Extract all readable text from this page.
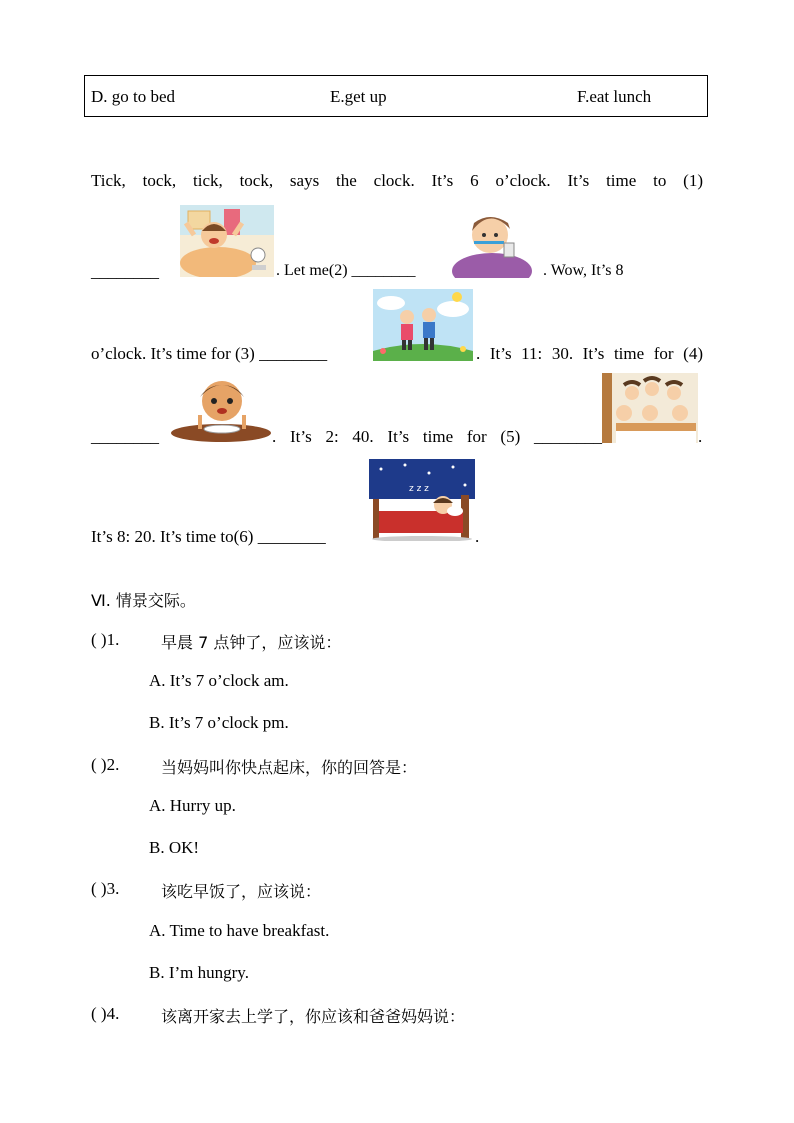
D. go to bed	E.get up	F.eat lunch
Tick, tock, tick, tock, says the clock. It’s 6 o’clock. It’s time to (1)
________	. Let me(2) ________	. Wow, It’s 8
o’clock. It’s time for (3) ________	. It’s 11: 30. It’s time for (4)
________	. It’s 2: 40. It’s time for (5) ________	.
z z z
It’s 8: 20. It’s time to(6) ________	.
Ⅵ. 情景交际。
( )1.	早晨 7 点钟了，应该说：
A. It’s 7 o’clock am.
B. It’s 7 o’clock pm.
( )2.	当妈妈叫你快点起床，你的回答是：
A. Hurry up.
B. OK!
( )3.	该吃早饭了，应该说：
A. Time to have breakfast.
B. I’m hungry.
( )4.	该离开家去上学了，你应该和爸爸妈妈说：
